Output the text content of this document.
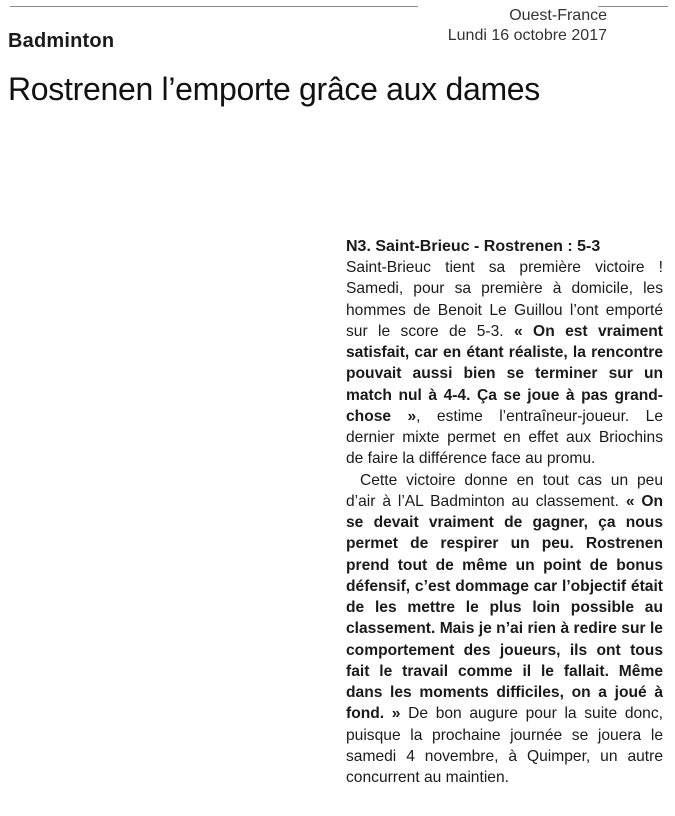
Ouest-France
Lundi 16 octobre 2017
Badminton
Rostrenen l’emporte grâce aux dames

N3. Saint-Brieuc - Rostrenen : 5-3

Saint-Brieuc tient sa première victoire ! Samedi, pour sa première à domicile, les hommes de Benoit Le Guillou l’ont emporté sur le score de 5-3. « On est vraiment satisfait, car en étant réaliste, la rencontre pouvait aussi bien se terminer sur un match nul à 4-4. Ça se joue à pas grand-chose », estime l’entraîneur-joueur. Le dernier mixte permet en effet aux Briochins de faire la différence face au promu.

Cette victoire donne en tout cas un peu d’air à l’AL Badminton au classement. « On se devait vraiment de gagner, ça nous permet de respirer un peu. Rostrenen prend tout de même un point de bonus défensif, c’est dommage car l’objectif était de les mettre le plus loin possible au classement. Mais je n’ai rien à redire sur le comportement des joueurs, ils ont tous fait le travail comme il le fallait. Même dans les moments difficiles, on a joué à fond. » De bon augure pour la suite donc, puisque la prochaine journée se jouera le samedi 4 novembre, à Quimper, un autre concurrent au maintien.
